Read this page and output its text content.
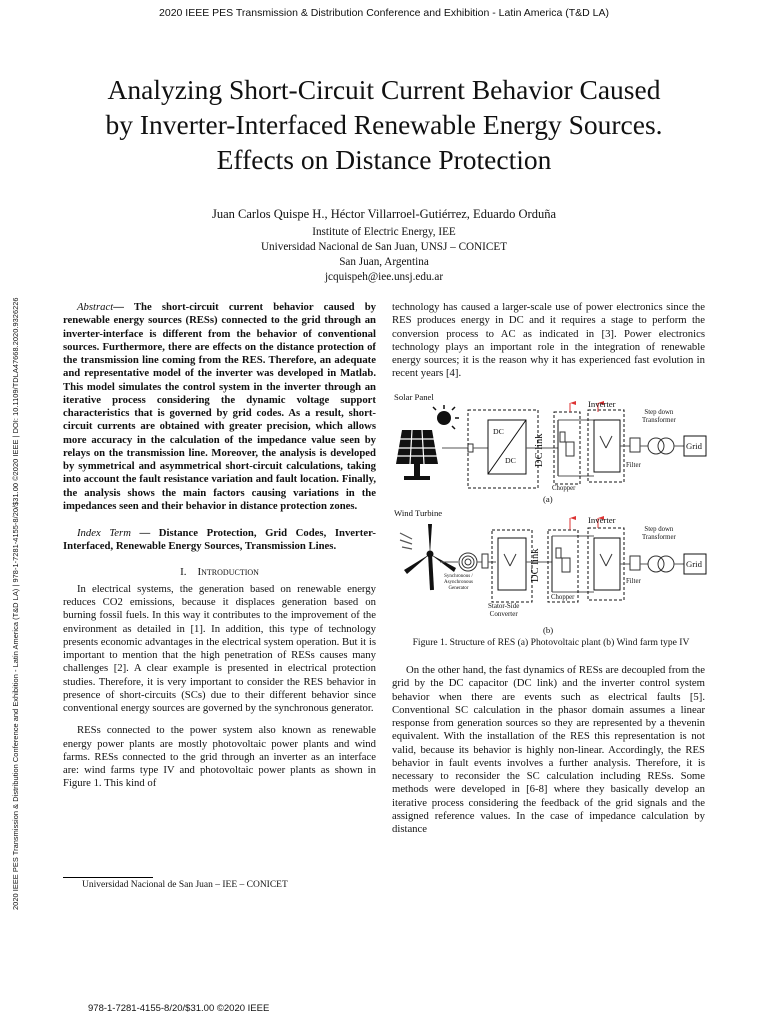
2020 IEEE PES Transmission & Distribution Conference and Exhibition - Latin America (T&D LA)
2020 IEEE PES Transmission & Distribution Conference and Exhibition - Latin America (T&D LA) | 978-1-7281-4155-8/20/$31.00 ©2020 IEEE | DOI: 10.1109/TDLA47668.2020.9326226
Analyzing Short-Circuit Current Behavior Caused
by Inverter-Interfaced Renewable Energy Sources.
Effects on Distance Protection
Juan Carlos Quispe H., Héctor Villarroel-Gutiérrez, Eduardo Orduña
Institute of Electric Energy, IEE
Universidad Nacional de San Juan, UNSJ – CONICET
San Juan, Argentina
jcquispeh@iee.unsj.edu.ar

Abstract— The short-circuit current behavior caused by renewable energy sources (RESs) connected to the grid through an inverter-interface is different from the behavior of conventional sources. Furthermore, there are effects on the distance protection of the transmission line coming from the RES. Therefore, an adequate and representative model of the inverter was developed in Matlab. This model simulates the control system in the inverter through an iterative process considering the dynamic voltage support characteristics that is governed by grid codes. As a result, short-circuit currents are obtained with greater precision, which allows more accuracy in the calculation of the impedance value seen by relays on the transmission line. Moreover, the analysis is developed by symmetrical and asymmetrical short-circuit calculations, taking into account the fault resistance variation and fault location. Finally, the analysis shows the main factors causing variations in the impedances seen and their behavior in distance protection zones.

Index Term — Distance Protection, Grid Codes, Inverter-Interfaced, Renewable Energy Sources, Transmission Lines.

I. Introduction

In electrical systems, the generation based on renewable energy reduces CO2 emissions, because it displaces generation based on burning fossil fuels. In this way it contributes to the improvement of the environment as detailed in [1]. In addition, this type of technology presents economic advantages in the electrical system operation. But it is important to mention that the high penetration of RESs causes many challenges [2]. A clear example is presented in electrical protection studies. Therefore, it is very important to consider the RES behavior in presence of short-circuits (SCs) due to their different behavior since conventional energy sources are governed by the synchronous generator.

RESs connected to the power system also known as renewable energy power plants are mostly photovoltaic power plants and wind farms. RESs connected to the grid through an inverter as an interface are: wind farms type IV and photovoltaic power plants as shown in Figure 1. This kind of

technology has caused a larger-scale use of power electronics since the RES produces energy in DC and it requires a stage to perform the conversion process to AC as indicated in [3]. Power electronics technology plays an important role in the integration of renewable energy sources; it is the reason why it has experienced fast evolution in recent years [4].

Solar Panel
Inverter
Step down
Transformer
Grid
DC
DC DC link
Chopper
Filter
(a)
Wind Turbine
Inverter
Step down
Transformer
Grid
DC link
Chopper
Filter
Synchronous /
Asynchronous
Generator
Stator-Side
Converter
(b)
Figure 1. Structure of RES (a) Photovoltaic plant (b) Wind farm type IV

On the other hand, the fast dynamics of RESs are decoupled from the grid by the DC capacitor (DC link) and the inverter control system behavior when there are events such as electrical faults [5]. Conventional SC calculation in the phasor domain assumes a linear response from generation sources so they are represented by a thevenin equivalent. With the installation of the RES this representation is not valid, because its behavior is highly non-linear. Accordingly, the RES behavior in fault events involves a further analysis. Therefore, it is necessary to reconsider the SC calculation including RESs. Some methods were developed in [6-8] where they basically develop an iterative process considering the feedback of the grid signals and the assigned reference values. In the case of impedance calculation by distance

Universidad Nacional de San Juan – IEE – CONICET
978-1-7281-4155-8/20/$31.00 ©2020 IEEE
